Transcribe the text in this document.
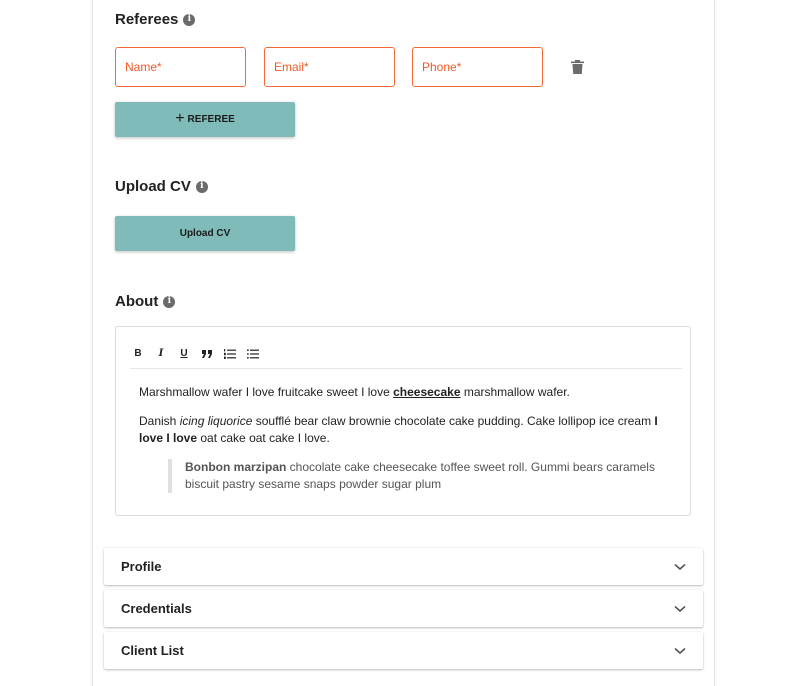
Referees	i
Name*
Email*
Phone*
+ REFEREE
Upload CV	i
Upload CV
About	i
B	I	U

Marshmallow wafer I love fruitcake sweet I love cheesecake marshmallow wafer.

Danish icing liquorice soufflé bear claw brownie chocolate cake pudding. Cake lollipop ice cream I love I love oat cake oat cake I love.

Bonbon marzipan chocolate cake cheesecake toffee sweet roll. Gummi bears caramels biscuit pastry sesame snaps powder sugar plum
Profile
Credentials
Client List
